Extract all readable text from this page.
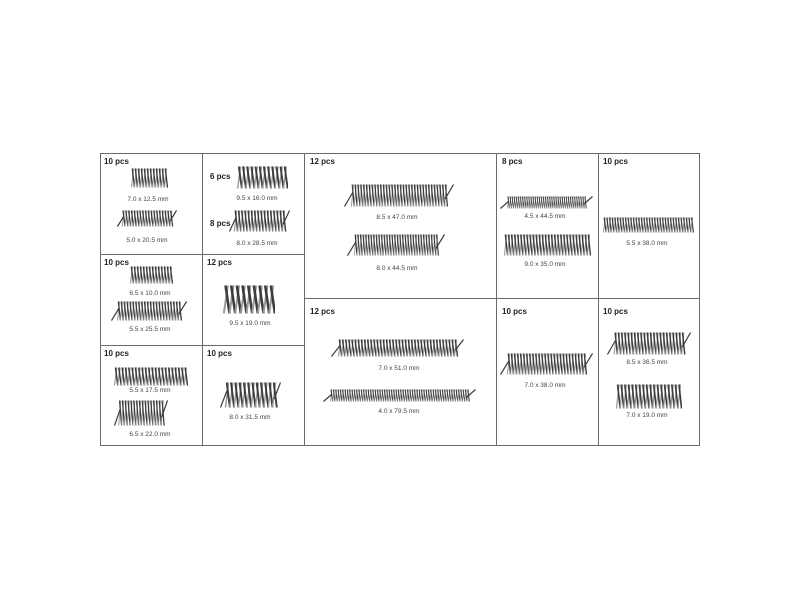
10 pcs
7.0 x 12.5 mm
5.0 x 20.5 mm
6 pcs
9.5 x 16.0 mm
8 pcs
8.0 x 28.5 mm
12 pcs
8.5 x 47.0 mm
8.0 x 44.5 mm
8 pcs
4.5 x 44.5 mm
9.0 x 35.0 mm
10 pcs
5.5 x 38.0 mm
10 pcs
6.5 x 10.0 mm
5.5 x 25.5 mm
12 pcs
9.5 x 19.0 mm
10 pcs
5.5 x 17.5 mm
6.5 x 22.0 mm
10 pcs
8.0 x 31.5 mm
12 pcs
7.0 x 51.0 mm
4.0 x 79.5 mm
10 pcs
7.0 x 38.0 mm
10 pcs
8.5 x 36.5 mm
7.0 x 19.0 mm
